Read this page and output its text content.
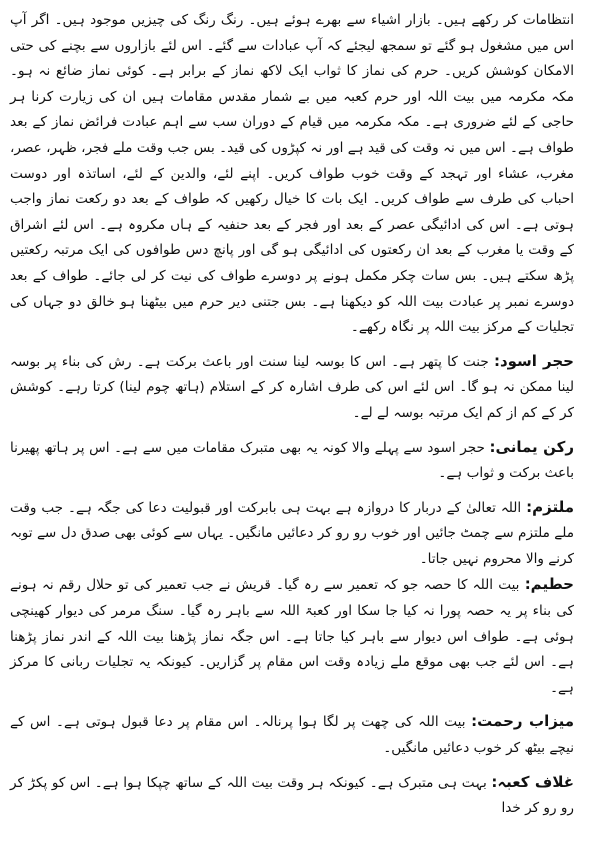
انتظامات کر رکھے ہیں۔ بازار اشیاء سے بھرے ہوئے ہیں۔ رنگ رنگ کی چیزیں موجود ہیں۔ اگر آپ اس میں مشغول ہو گئے تو سمجھ لیجئے کہ آپ عبادات سے گئے۔ اس لئے بازاروں سے بچنے کی حتی الامکان کوشش کریں۔ حرم کی نماز کا ثواب ایک لاکھ نماز کے برابر ہے۔ کوئی نماز ضائع نہ ہو۔ مکہ مکرمہ میں بیت اللہ اور حرم کعبہ میں بے شمار مقدس مقامات ہیں ان کی زیارت کرنا ہر حاجی کے لئے ضروری ہے۔ مکہ مکرمہ میں قیام کے دوران سب سے اہم عبادت فرائض نماز کے بعد طواف ہے۔ اس میں نہ وقت کی قید ہے اور نہ کپڑوں کی قید۔ بس جب وقت ملے فجر، ظہر، عصر، مغرب، عشاء اور تہجد کے وقت خوب طواف کریں۔ اپنے لئے، والدین کے لئے، اساتذہ اور دوست احباب کی طرف سے طواف کریں۔ ایک بات کا خیال رکھیں کہ طواف کے بعد دو رکعت نماز واجب ہوتی ہے۔ اس کی ادائیگی عصر کے بعد اور فجر کے بعد حنفیہ کے ہاں مکروہ ہے۔ اس لئے اشراق کے وقت یا مغرب کے بعد ان رکعتوں کی ادائیگی ہو گی اور پانچ دس طوافوں کی ایک مرتبہ رکعتیں پڑھ سکتے ہیں۔ بس سات چکر مکمل ہونے پر دوسرے طواف کی نیت کر لی جائے۔ طواف کے بعد دوسرے نمبر پر عبادت بیت اللہ کو دیکھنا ہے۔ بس جتنی دیر حرم میں بیٹھنا ہو خالق دو جہاں کی تجلیات کے مرکز بیت اللہ پر نگاہ رکھے۔

حجر اسود: جنت کا پتھر ہے۔ اس کا بوسہ لینا سنت اور باعث برکت ہے۔ رش کی بناء پر بوسہ لینا ممکن نہ ہو گا۔ اس لئے اس کی طرف اشارہ کر کے استلام (ہاتھ چوم لینا) کرتا رہے۔ کوشش کر کے کم از کم ایک مرتبہ بوسہ لے لے۔

رکن یمانی: حجر اسود سے پہلے والا کونہ یہ بھی متبرک مقامات میں سے ہے۔ اس پر ہاتھ پھیرنا باعث برکت و ثواب ہے۔

ملتزم: اللہ تعالیٰ کے دربار کا دروازہ ہے بہت ہی بابرکت اور قبولیت دعا کی جگہ ہے۔ جب وقت ملے ملتزم سے چمٹ جائیں اور خوب رو رو کر دعائیں مانگیں۔ یہاں سے کوئی بھی صدق دل سے توبہ کرنے والا محروم نہیں جاتا۔

حطیم: بیت اللہ کا حصہ جو کہ تعمیر سے رہ گیا۔ قریش نے جب تعمیر کی تو حلال رقم نہ ہونے کی بناء پر یہ حصہ پورا نہ کیا جا سکا اور کعبۃ اللہ سے باہر رہ گیا۔ سنگ مرمر کی دیوار کھینچی ہوئی ہے۔ طواف اس دیوار سے باہر کیا جاتا ہے۔ اس جگہ نماز پڑھنا بیت اللہ کے اندر نماز پڑھنا ہے۔ اس لئے جب بھی موقع ملے زیادہ وقت اس مقام پر گزاریں۔ کیونکہ یہ تجلیات ربانی کا مرکز ہے۔

میزاب رحمت: بیت اللہ کی چھت پر لگا ہوا پرنالہ۔ اس مقام پر دعا قبول ہوتی ہے۔ اس کے نیچے بیٹھ کر خوب دعائیں مانگیں۔

غلاف کعبہ: بہت ہی متبرک ہے۔ کیونکہ ہر وقت بیت اللہ کے ساتھ چپکا ہوا ہے۔ اس کو پکڑ کر رو رو کر خدا
